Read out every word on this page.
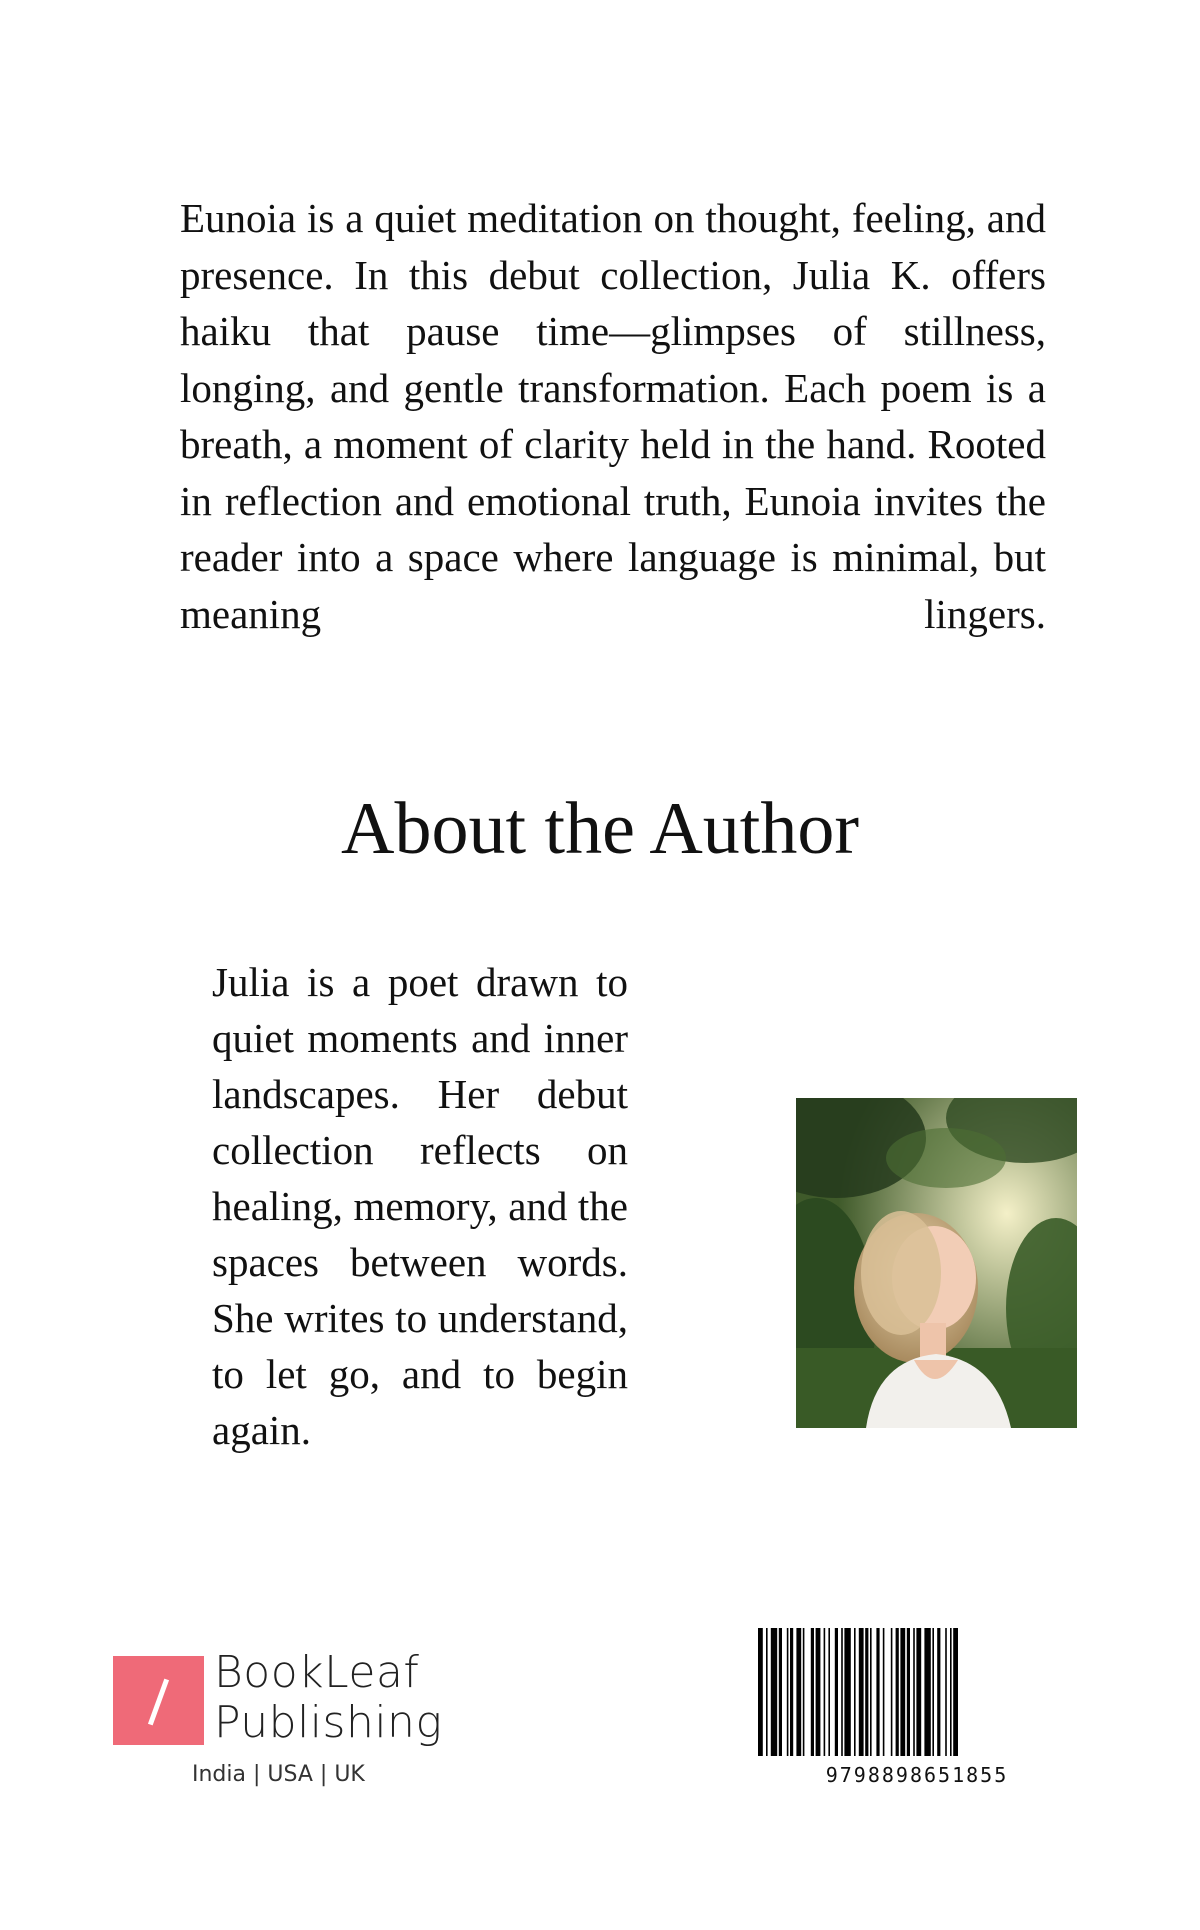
Eunoia is a quiet meditation on thought, feeling, and presence. In this debut collection, Julia K. offers haiku that pause time—glimpses of stillness, longing, and gentle transformation. Each poem is a breath, a moment of clarity held in the hand. Rooted in reflection and emotional truth, Eunoia invites the reader into a space where language is minimal, but meaning lingers.

About the Author

Julia is a poet drawn to quiet moments and inner landscapes. Her debut collection reflects on healing, memory, and the spaces between words. She writes to understand, to let go, and to begin again.

BookLeaf
Publishing
India | USA | UK	9798898651855
